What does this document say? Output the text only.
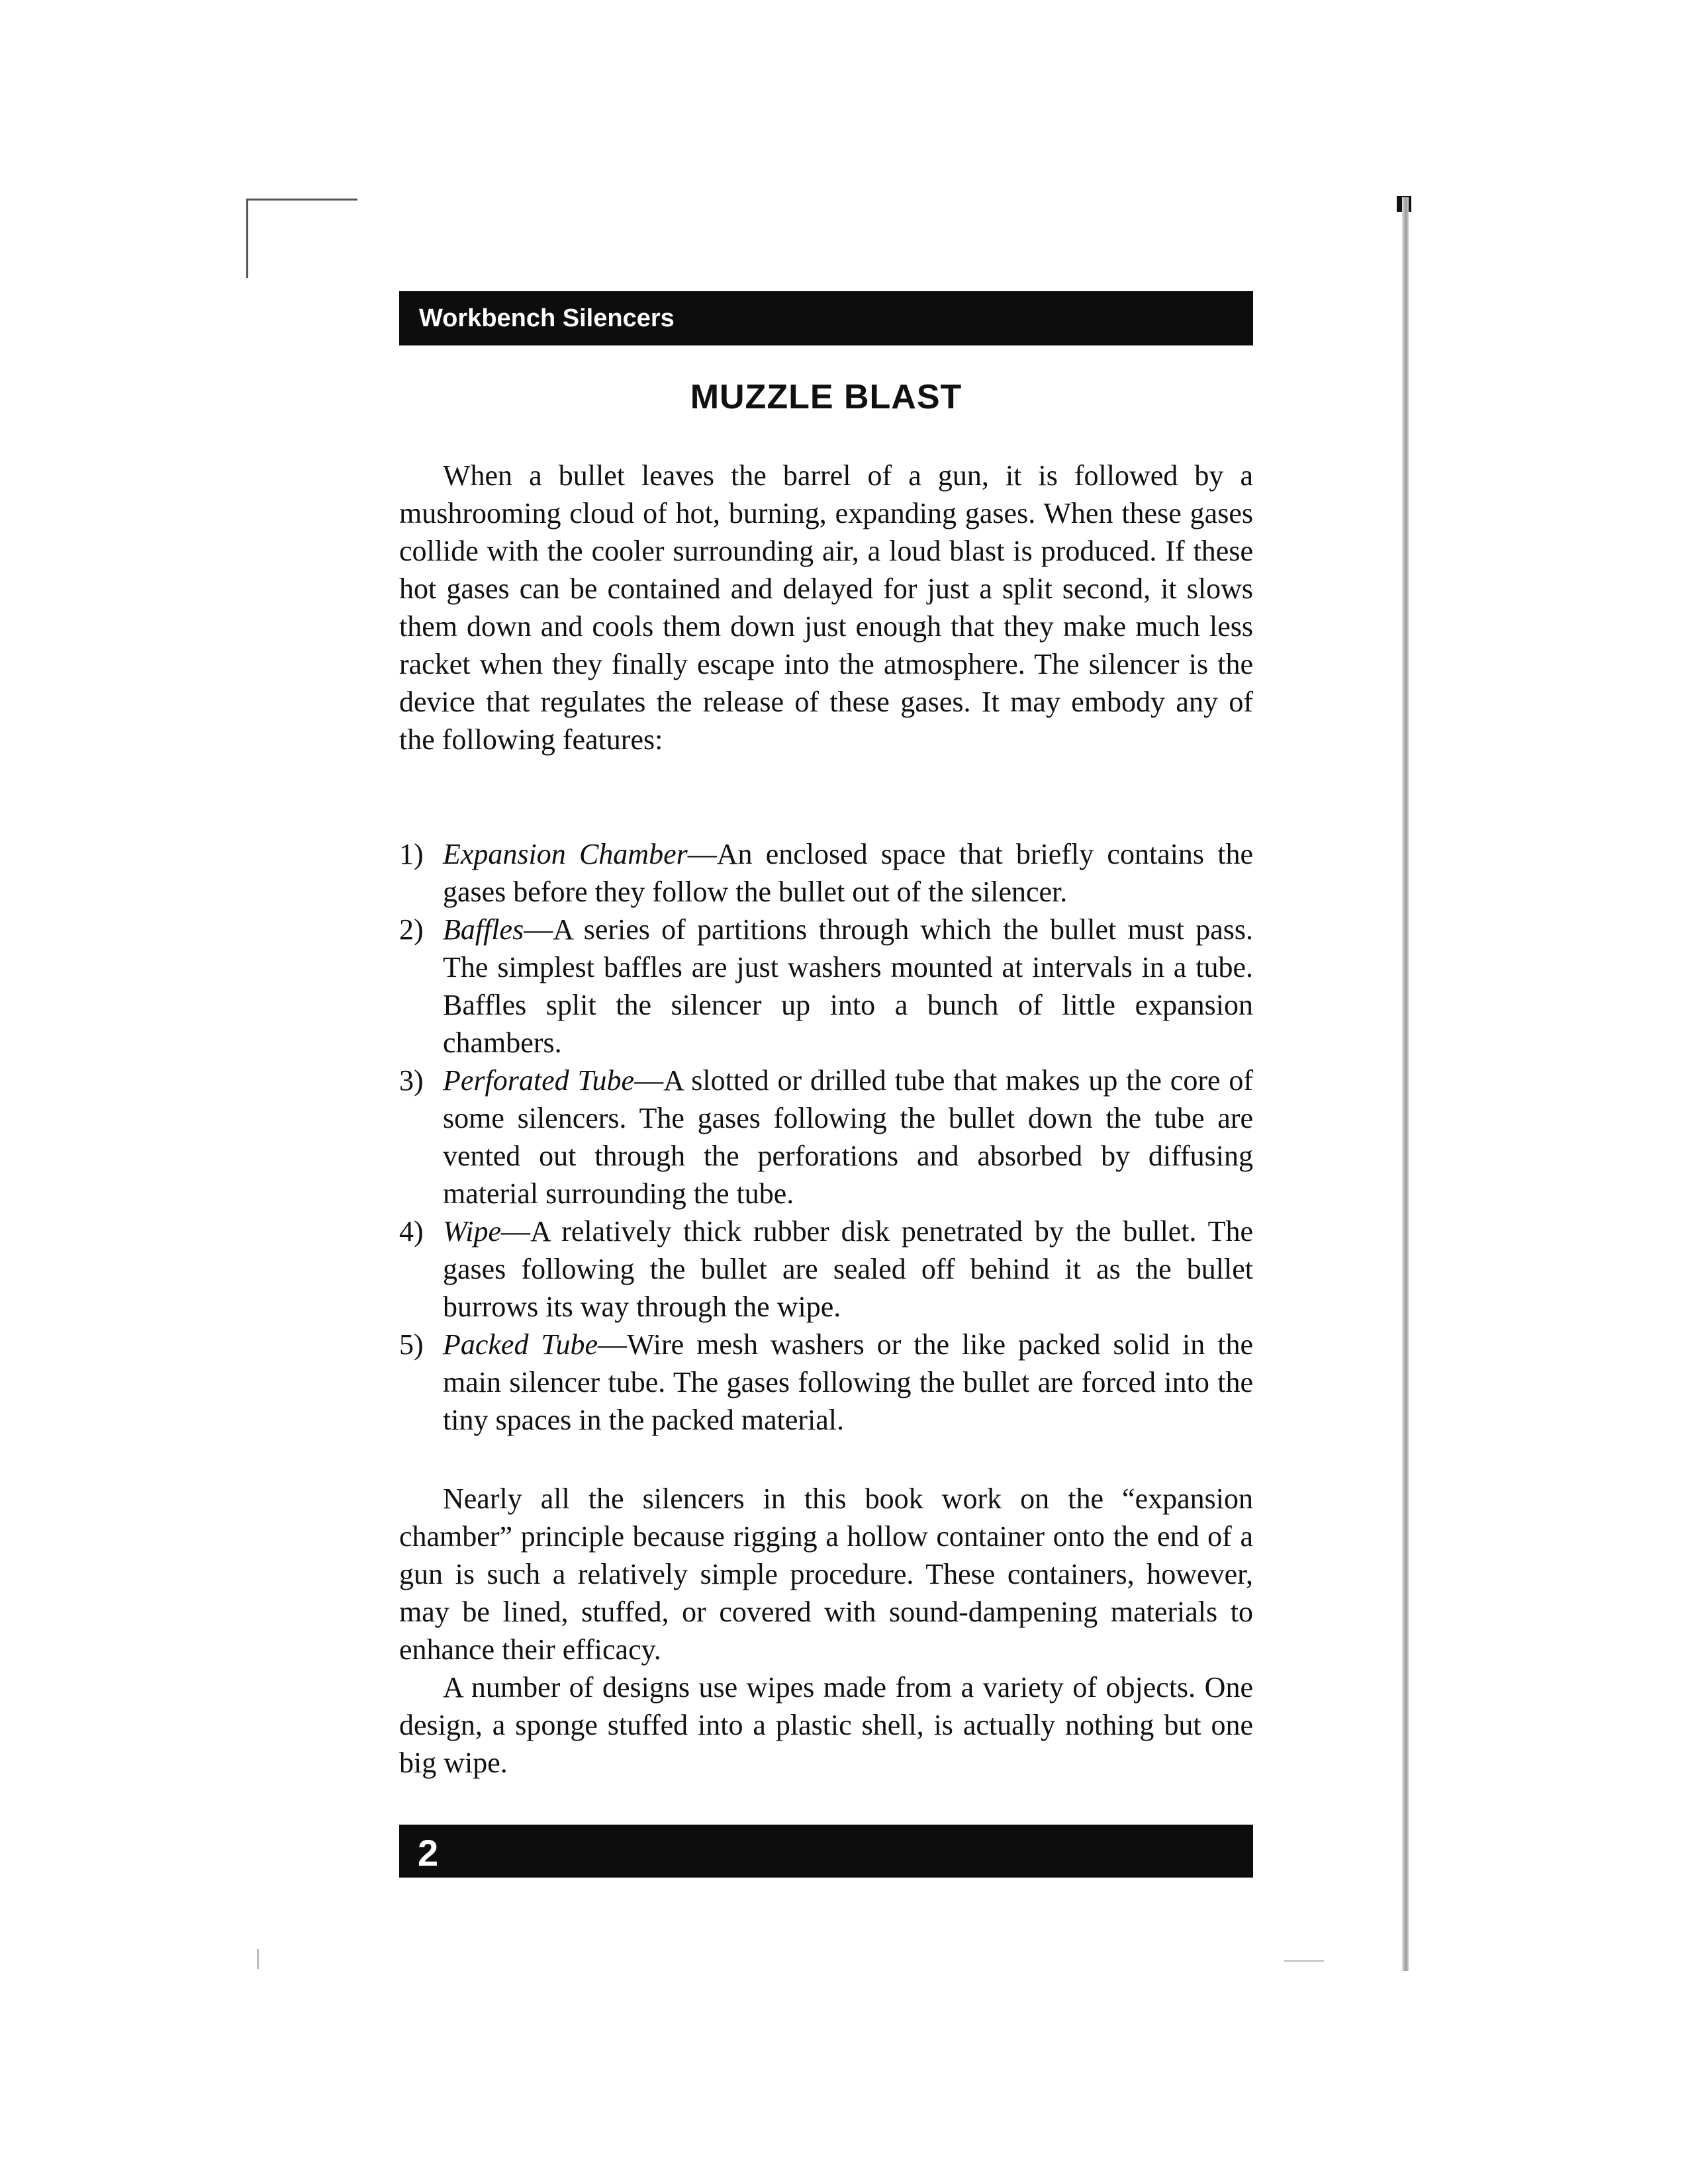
Workbench Silencers
MUZZLE BLAST

When a bullet leaves the barrel of a gun, it is followed by a mushrooming cloud of hot, burning, expanding gases. When these gases collide with the cooler surrounding air, a loud blast is produced. If these hot gases can be contained and delayed for just a split second, it slows them down and cools them down just enough that they make much less racket when they finally escape into the atmosphere. The silencer is the device that regulates the release of these gases. It may embody any of the following features:

1) Expansion Chamber—An enclosed space that briefly contains the gases before they follow the bullet out of the silencer.
2) Baffles—A series of partitions through which the bullet must pass. The simplest baffles are just washers mounted at intervals in a tube. Baffles split the silencer up into a bunch of little expansion chambers.
3) Perforated Tube—A slotted or drilled tube that makes up the core of some silencers. The gases following the bullet down the tube are vented out through the perforations and absorbed by diffusing material surrounding the tube.
4) Wipe—A relatively thick rubber disk penetrated by the bullet. The gases following the bullet are sealed off behind it as the bullet burrows its way through the wipe.
5) Packed Tube—Wire mesh washers or the like packed solid in the main silencer tube. The gases following the bullet are forced into the tiny spaces in the packed material.

Nearly all the silencers in this book work on the “expansion chamber” principle because rigging a hollow container onto the end of a gun is such a relatively simple procedure. These containers, however, may be lined, stuffed, or covered with sound-dampening materials to enhance their efficacy.

A number of designs use wipes made from a variety of objects. One design, a sponge stuffed into a plastic shell, is actually nothing but one big wipe.

2
